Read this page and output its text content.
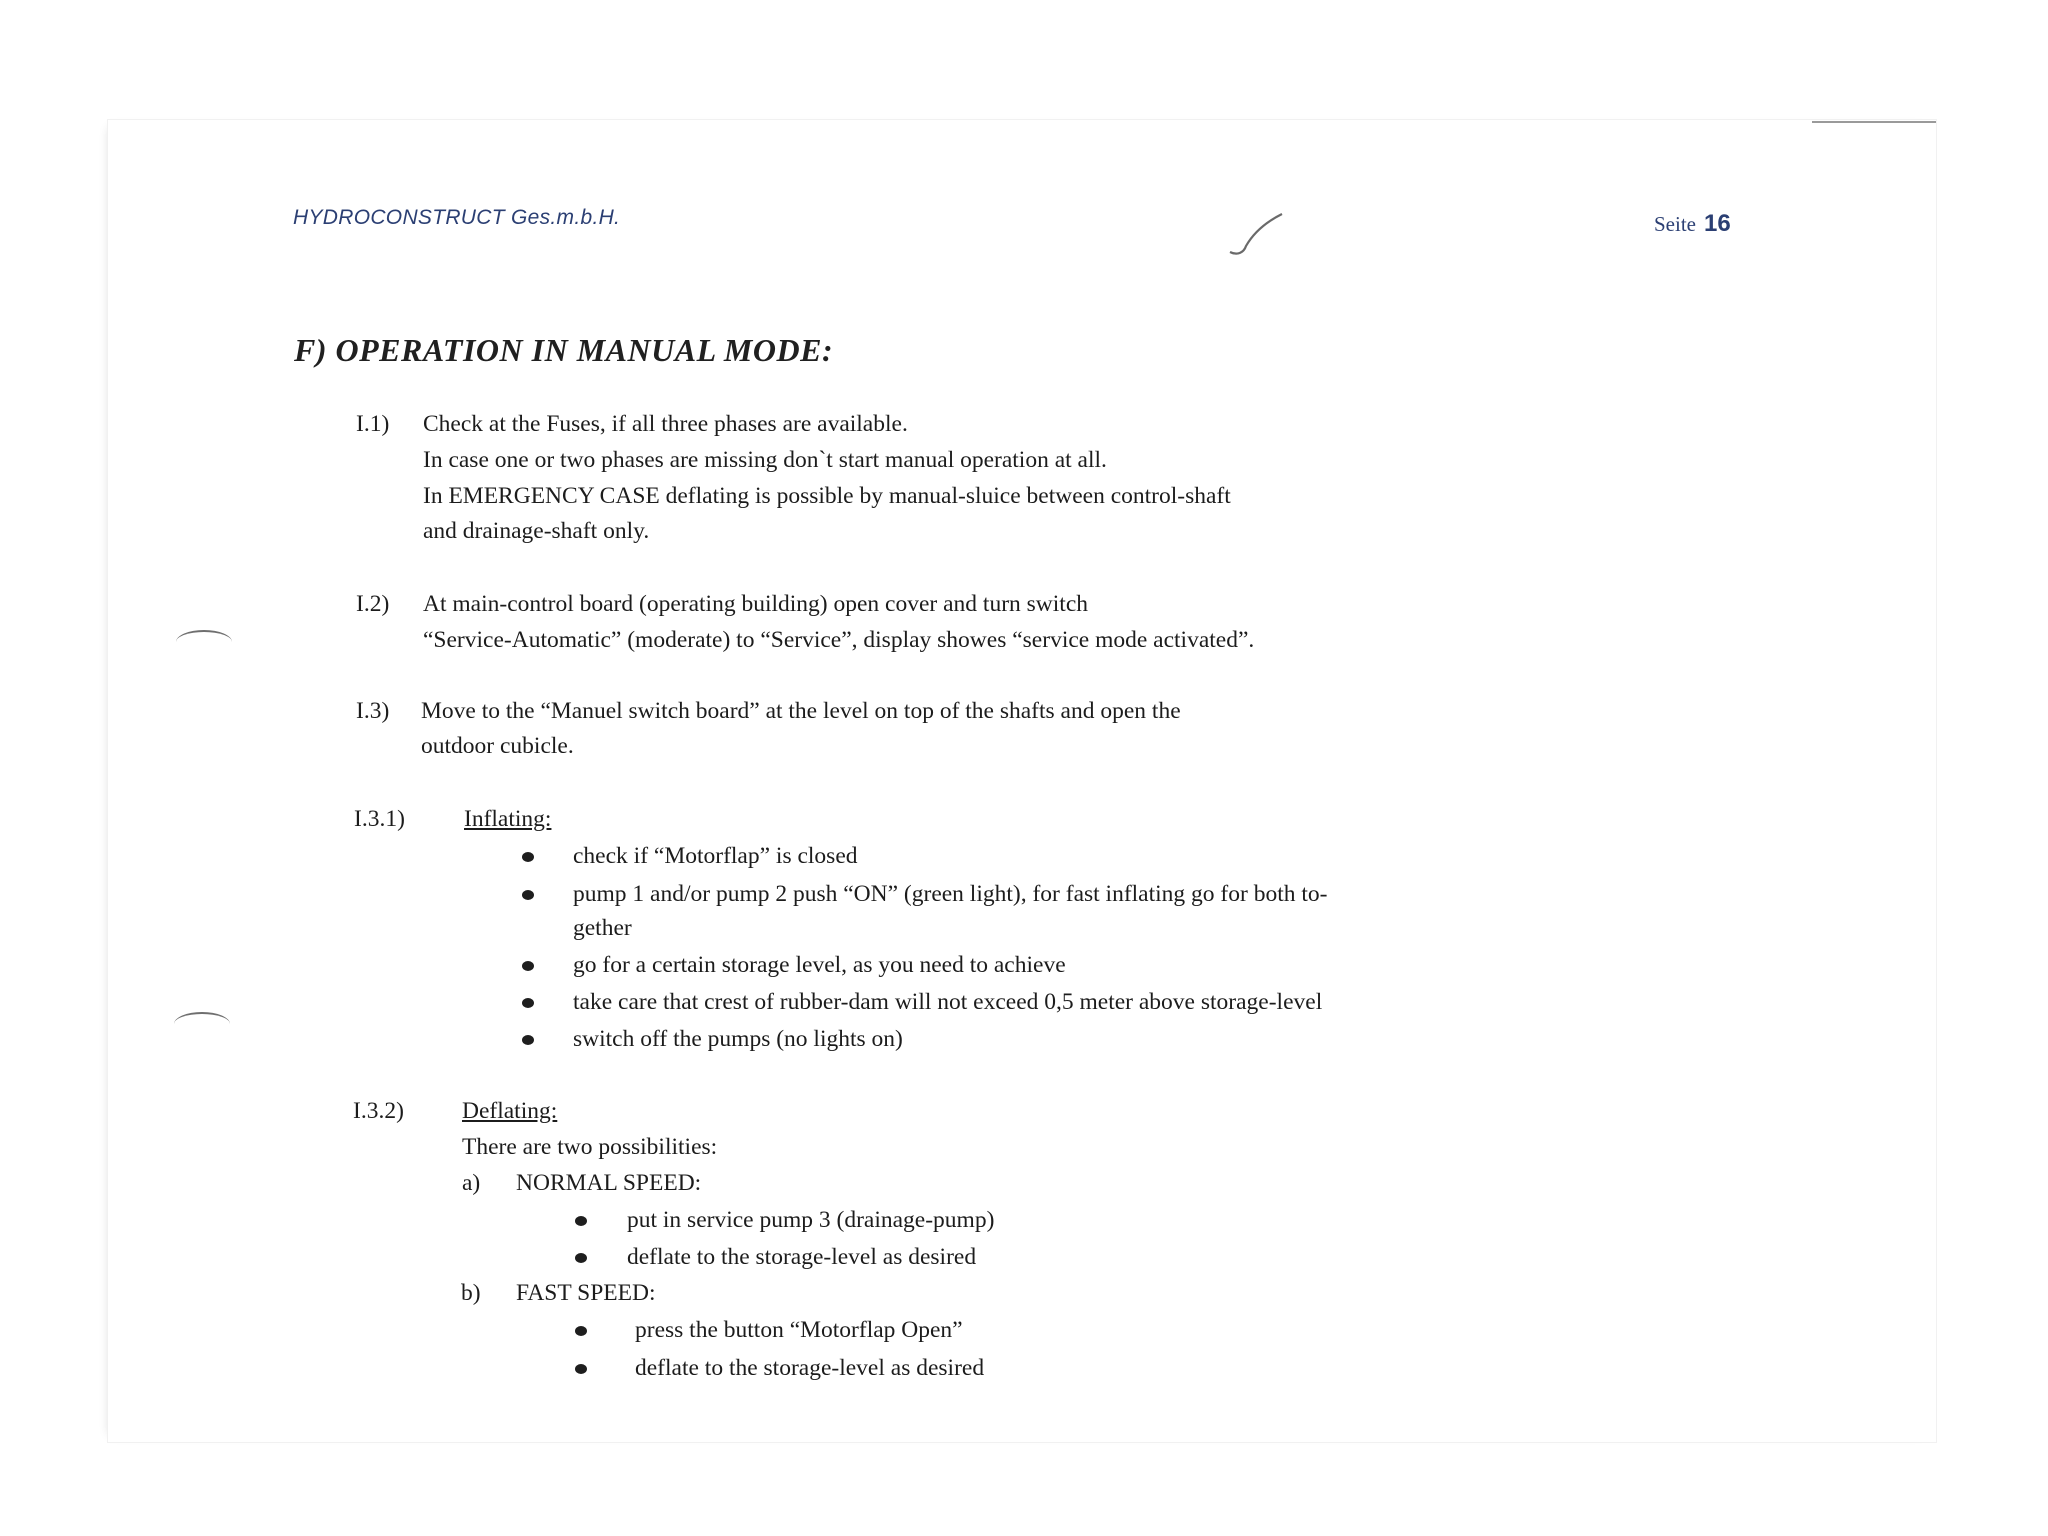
HYDROCONSTRUCT Ges.m.b.H.	Seite 16
F) OPERATION IN MANUAL MODE:
I.1) Check at the Fuses, if all three phases are available.
In case one or two phases are missing don`t start manual operation at all.
In EMERGENCY CASE deflating is possible by manual-sluice between control-shaft
and drainage-shaft only.
I.2) At main-control board (operating building) open cover and turn switch
“Service-Automatic” (moderate) to “Service”, display showes “service mode activated”.
I.3) Move to the “Manuel switch board” at the level on top of the shafts and open the
outdoor cubicle.
I.3.1)	Inflating:
check if “Motorflap” is closed
pump 1 and/or pump 2 push “ON” (green light), for fast inflating go for both to-
gether
go for a certain storage level, as you need to achieve
take care that crest of rubber-dam will not exceed 0,5 meter above storage-level
switch off the pumps (no lights on)
I.3.2) Deflating:
There are two possibilities:
a) NORMAL SPEED:
put in service pump 3 (drainage-pump)
deflate to the storage-level as desired
b) FAST SPEED:
press the button “Motorflap Open”
deflate to the storage-level as desired
